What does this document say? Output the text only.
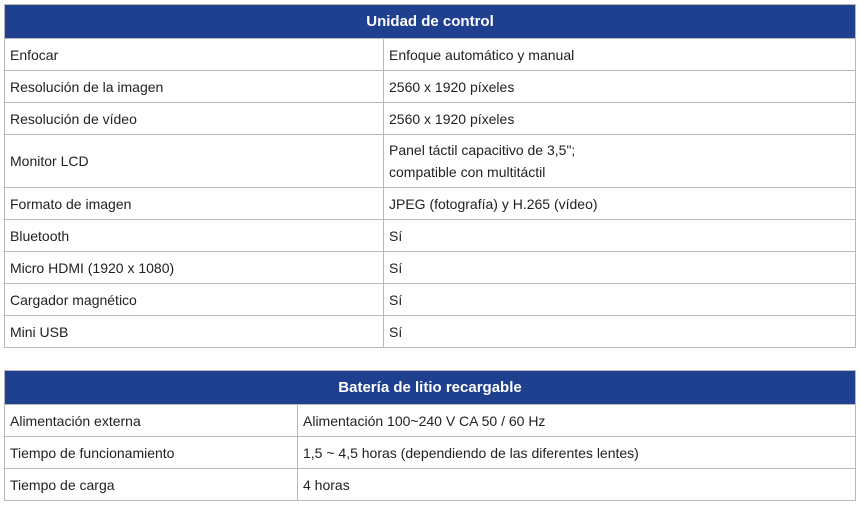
Unidad de control	
Enfocar	Enfoque automático y manual

Resolución de la imagen	2560 x 1920 píxeles

Resolución de vídeo	2560 x 1920 píxeles

Monitor LCD	Panel táctil capacitivo de 3,5";
compatible con multitáctil

Formato de imagen	JPEG (fotografía) y H.265 (vídeo)

Bluetooth	Sí

Micro HDMI (1920 x 1080)	Sí

Cargador magnético	Sí

Mini USB	Sí
Batería de litio recargable	
Alimentación externa	Alimentación 100~240 V CA 50 / 60 Hz

Tiempo de funcionamiento	1,5 ~ 4,5 horas (dependiendo de las diferentes lentes)

Tiempo de carga	4 horas
